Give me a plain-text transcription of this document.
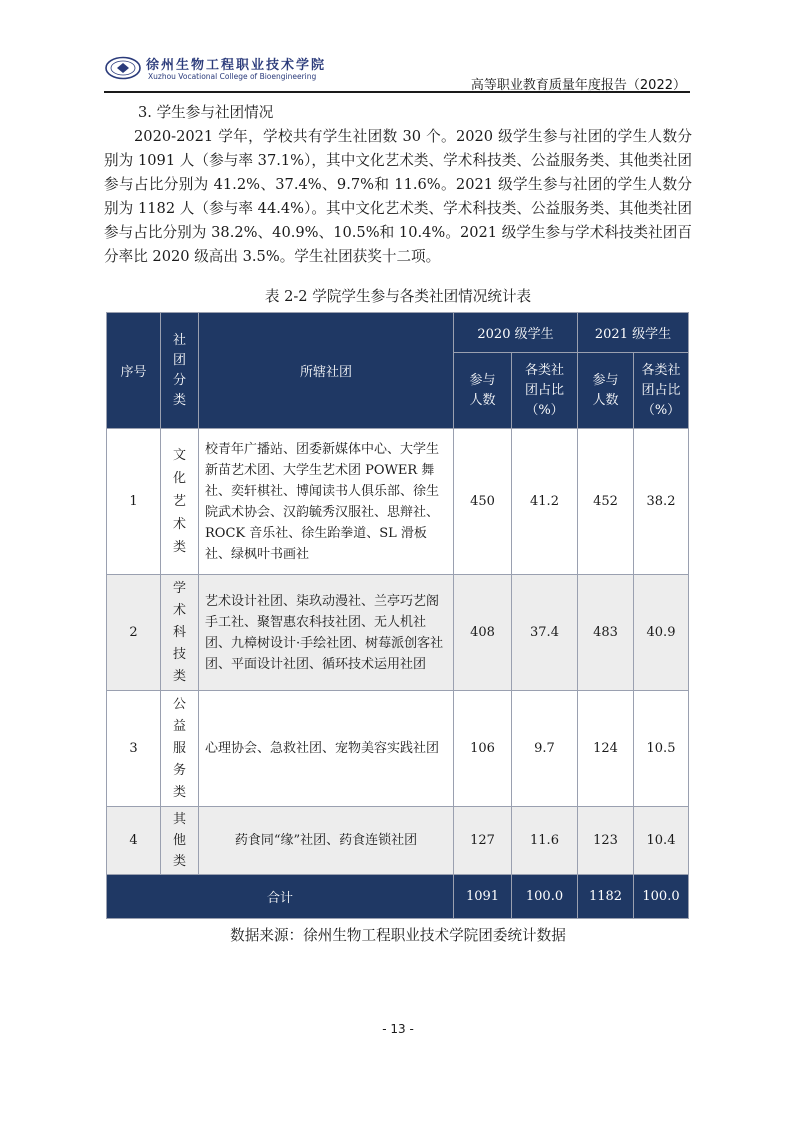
徐州生物工程职业技术学院
Xuzhou Vocational College of Bioengineering
高等职业教育质量年度报告（2022）
3. 学生参与社团情况
2020-2021 学年，学校共有学生社团数 30 个。2020 级学生参与社团的学生人数分别为 1091 人（参与率 37.1%），其中文化艺术类、学术科技类、公益服务类、其他类社团参与占比分别为 41.2%、37.4%、9.7%和 11.6%。2021 级学生参与社团的学生人数分别为 1182 人（参与率 44.4%）。其中文化艺术类、学术科技类、公益服务类、其他类社团参与占比分别为 38.2%、40.9%、10.5%和 10.4%。2021 级学生参与学术科技类社团百分率比 2020 级高出 3.5%。学生社团获奖十二项。
表 2-2 学院学生参与各类社团情况统计表
序号	社团分类	所辖社团	2020 级学生		2021 级学生	

			参与人数	各类社团占比（%）	参与人数	各类社团占比（%）

1	文化艺术类	校青年广播站、团委新媒体中心、大学生新苗艺术团、大学生艺术团 POWER 舞社、奕轩棋社、博闻读书人俱乐部、徐生院武术协会、汉韵毓秀汉服社、思辩社、ROCK 音乐社、徐生跆拳道、SL 滑板社、绿枫叶书画社	450	41.2	452	38.2
2	学术科技类	艺术设计社团、柒玖动漫社、兰亭巧艺阁手工社、聚智惠农科技社团、无人机社团、九樟树设计·手绘社团、树莓派创客社团、平面设计社团、循环技术运用社团	408	37.4	483	40.9
3	公益服务类	心理协会、急救社团、宠物美容实践社团	106	9.7	124	10.5
4	其他类	药食同“缘”社团、药食连锁社团	127	11.6	123	10.4
合计			1091	100.0	1182	100.0
数据来源：徐州生物工程职业技术学院团委统计数据
- 13 -
